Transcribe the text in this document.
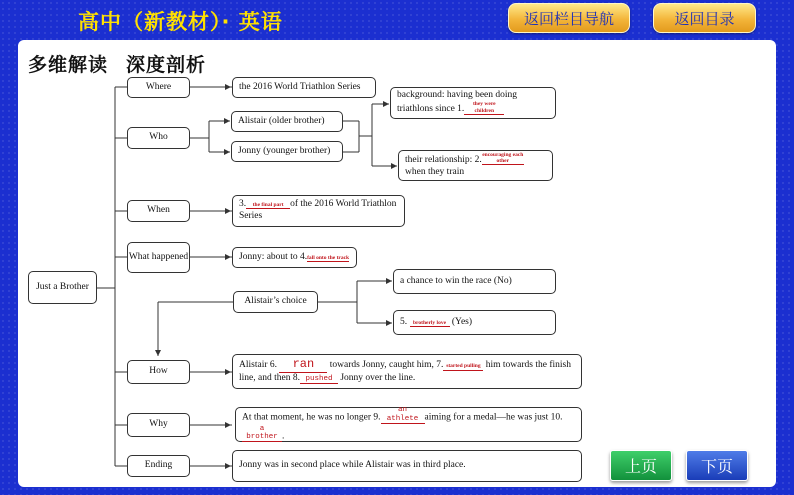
高中（新教材）· 英语	返回栏目导航	返回目录
多维解读 深度剖析
Just a Brother
Where
Who
When
What happened
How
Why
Ending
the 2016 World Triathlon Series
Alistair (older brother)
Jonny (younger brother)
background: having been doing triathlons since 1.they were children
their relationship: 2.encouraging each other when they train
3. the final part of the 2016 World Triathlon Series
Jonny: about to 4.fall onto the track
Alistair’s choice
a chance to win the race (No)
5. brotherly love (Yes)
Alistair 6. ran towards Jonny, caught him, 7. started pulling him towards the finish line, and then 8. pushed Jonny over the line.
At that moment, he was no longer 9.an athlete aiming for a medal—he was just 10.a brother .
Jonny was in second place while Alistair was in third place.	上页	下页
